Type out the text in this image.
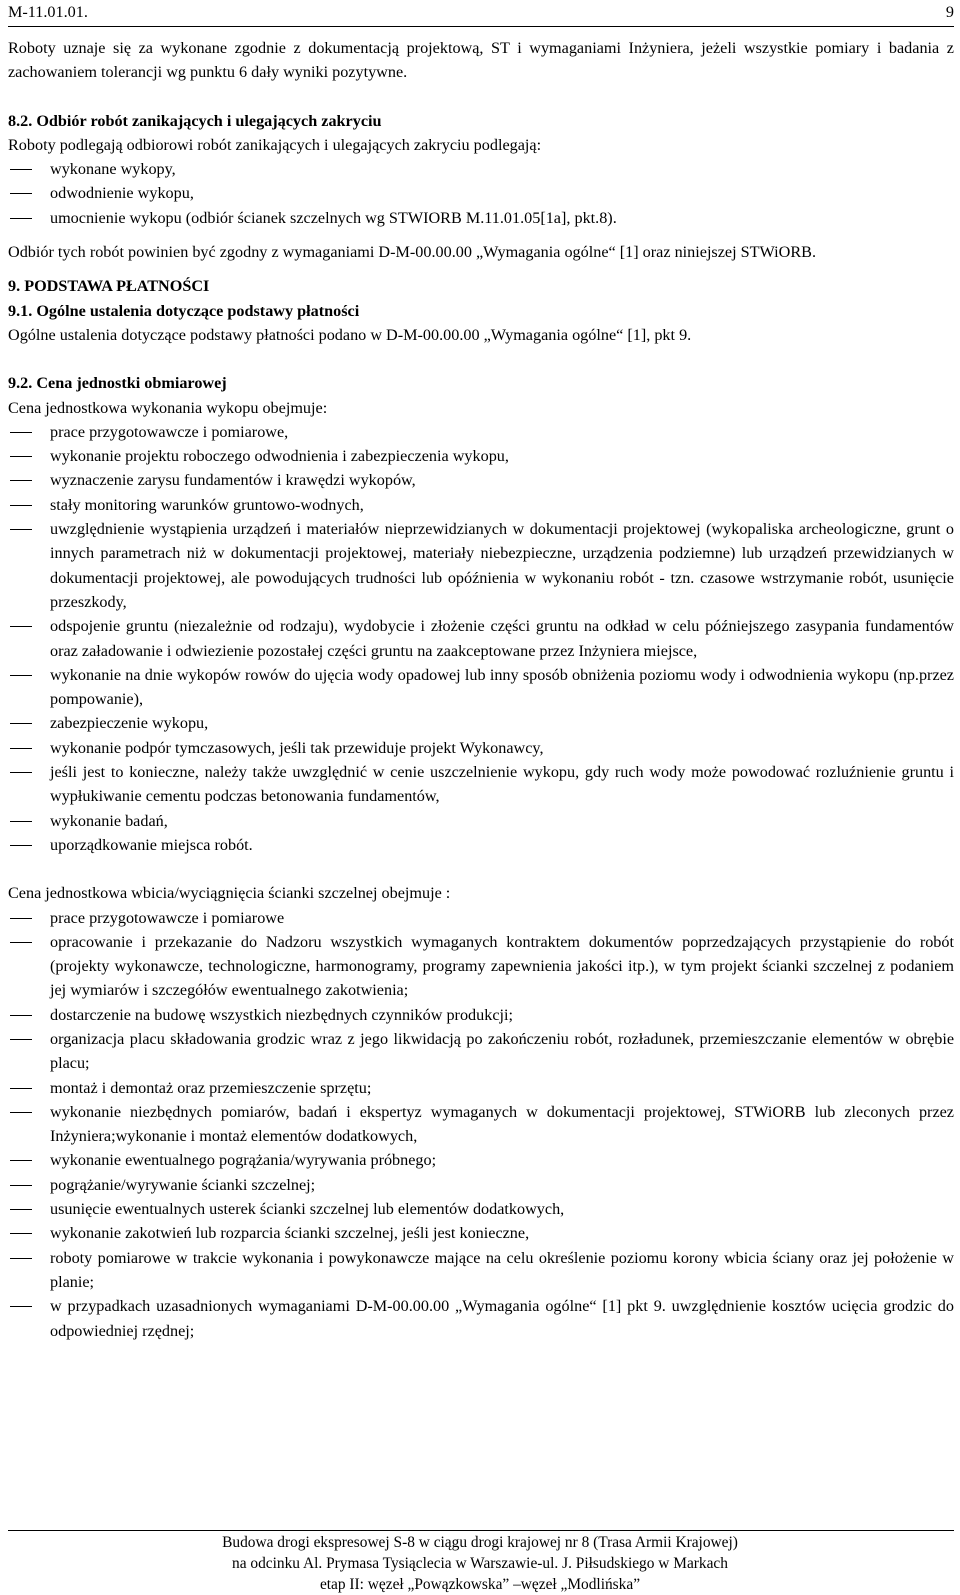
M-11.01.01.	9

Roboty uznaje się za wykonane zgodnie z dokumentacją projektową, ST i wymaganiami Inżyniera, jeżeli wszystkie pomiary i badania z zachowaniem tolerancji wg punktu 6 dały wyniki pozytywne.

8.2. Odbiór robót zanikających i ulegających zakryciu

Roboty podlegają odbiorowi robót zanikających i ulegających zakryciu podlegają:

wykonane wykopy,
odwodnienie wykopu,
umocnienie wykopu (odbiór ścianek szczelnych wg STWIORB M.11.01.05[1a], pkt.8).

Odbiór tych robót powinien być zgodny z wymaganiami D-M-00.00.00 „Wymagania ogólne“ [1] oraz niniejszej STWiORB.

9. PODSTAWA PŁATNOŚCI

9.1. Ogólne ustalenia dotyczące podstawy płatności

Ogólne ustalenia dotyczące podstawy płatności podano w D-M-00.00.00 „Wymagania ogólne“ [1], pkt 9.

9.2. Cena jednostki obmiarowej

Cena jednostkowa wykonania wykopu obejmuje:

prace przygotowawcze i pomiarowe,
wykonanie projektu roboczego odwodnienia i zabezpieczenia wykopu,
wyznaczenie zarysu fundamentów i krawędzi wykopów,
stały monitoring warunków gruntowo-wodnych,
uwzględnienie wystąpienia urządzeń i materiałów nieprzewidzianych w dokumentacji projektowej (wykopaliska archeologiczne, grunt o innych parametrach niż w dokumentacji projektowej, materiały niebezpieczne, urządzenia podziemne) lub urządzeń przewidzianych w dokumentacji projektowej, ale powodujących trudności lub opóźnienia w wykonaniu robót - tzn. czasowe wstrzymanie robót, usunięcie przeszkody,
odspojenie gruntu (niezależnie od rodzaju), wydobycie i złożenie części gruntu na odkład w celu późniejszego zasypania fundamentów oraz załadowanie i odwiezienie pozostałej części gruntu na zaakceptowane przez Inżyniera miejsce,
wykonanie na dnie wykopów rowów do ujęcia wody opadowej lub inny sposób obniżenia poziomu wody i odwodnienia wykopu (np.przez pompowanie),
zabezpieczenie wykopu,
wykonanie podpór tymczasowych, jeśli tak przewiduje projekt Wykonawcy,
jeśli jest to konieczne, należy także uwzględnić w cenie uszczelnienie wykopu, gdy ruch wody może powodować rozluźnienie gruntu i wypłukiwanie cementu podczas betonowania fundamentów,
wykonanie badań,
uporządkowanie miejsca robót.

Cena jednostkowa wbicia/wyciągnięcia ścianki szczelnej obejmuje :

prace przygotowawcze i pomiarowe
opracowanie i przekazanie do Nadzoru wszystkich wymaganych kontraktem dokumentów poprzedzających przystąpienie do robót (projekty wykonawcze, technologiczne, harmonogramy, programy zapewnienia jakości itp.), w tym projekt ścianki szczelnej z podaniem jej wymiarów i szczegółów ewentualnego zakotwienia;
dostarczenie na budowę wszystkich niezbędnych czynników produkcji;
organizacja placu składowania grodzic wraz z jego likwidacją po zakończeniu robót, rozładunek, przemieszczanie elementów w obrębie placu;
montaż i demontaż oraz przemieszczenie sprzętu;
wykonanie niezbędnych pomiarów, badań i ekspertyz wymaganych w dokumentacji projektowej, STWiORB lub zleconych przez Inżyniera;wykonanie i montaż elementów dodatkowych,
wykonanie ewentualnego pogrążania/wyrywania próbnego;
pogrążanie/wyrywanie ścianki szczelnej;
usunięcie ewentualnych usterek ścianki szczelnej lub elementów dodatkowych,
wykonanie zakotwień lub rozparcia ścianki szczelnej, jeśli jest konieczne,
roboty pomiarowe w trakcie wykonania i powykonawcze mające na celu określenie poziomu korony wbicia ściany oraz jej położenie w planie;
w przypadkach uzasadnionych wymaganiami D-M-00.00.00 „Wymagania ogólne“ [1] pkt 9. uwzględnienie kosztów ucięcia grodzic do odpowiedniej rzędnej;
Budowa drogi ekspresowej S-8 w ciągu drogi krajowej nr 8 (Trasa Armii Krajowej)
na odcinku Al. Prymasa Tysiąclecia w Warszawie-ul. J. Piłsudskiego w Markach
etap II: węzeł „Powązkowska” –węzeł „Modlińska”
